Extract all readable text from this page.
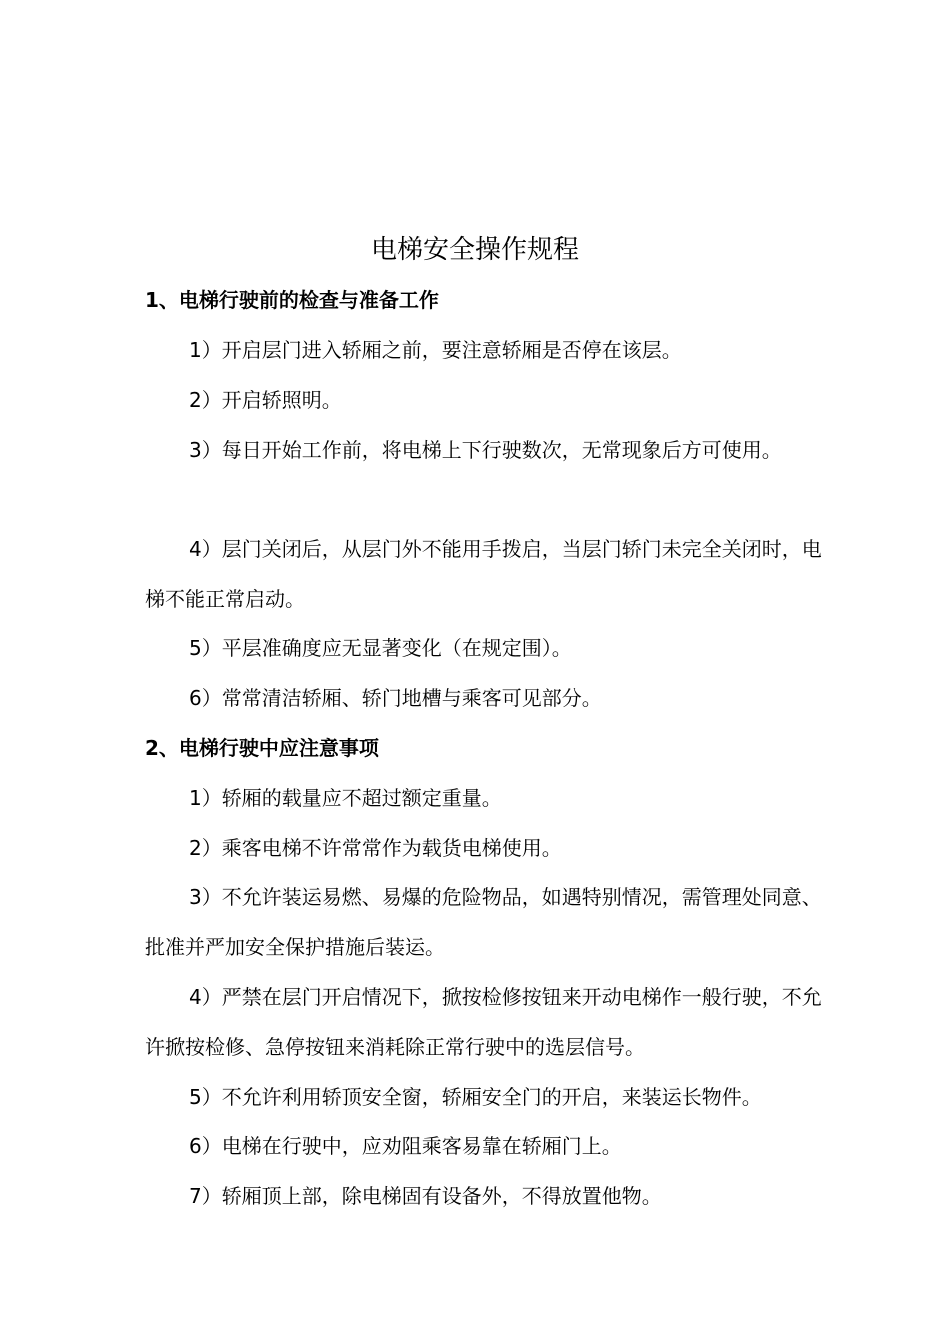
电梯安全操作规程
1、电梯行驶前的检查与准备工作

1）开启层门进入轿厢之前，要注意轿厢是否停在该层。

2）开启轿照明。

3）每日开始工作前，将电梯上下行驶数次，无常现象后方可使用。

4）层门关闭后，从层门外不能用手拨启，当层门轿门未完全关闭时，电梯不能正常启动。

5）平层准确度应无显著变化（在规定围）。

6）常常清洁轿厢、轿门地槽与乘客可见部分。

2、电梯行驶中应注意事项

1）轿厢的载量应不超过额定重量。

2）乘客电梯不许常常作为载货电梯使用。

3）不允许装运易燃、易爆的危险物品，如遇特别情况，需管理处同意、批准并严加安全保护措施后装运。

4）严禁在层门开启情况下，掀按检修按钮来开动电梯作一般行驶，不允许掀按检修、急停按钮来消耗除正常行驶中的选层信号。

5）不允许利用轿顶安全窗，轿厢安全门的开启，来装运长物件。

6）电梯在行驶中，应劝阻乘客易靠在轿厢门上。

7）轿厢顶上部，除电梯固有设备外，不得放置他物。
